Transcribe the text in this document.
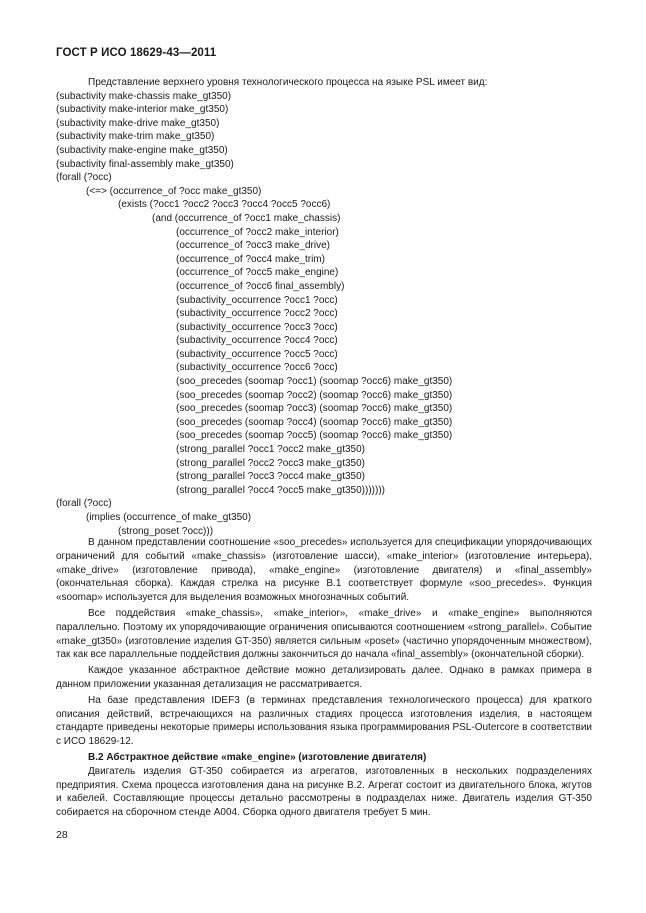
ГОСТ Р ИСО 18629-43—2011
Представление верхнего уровня технологического процесса на языке PSL имеет вид:
(subactivity make-chassis make_gt350)
(subactivity make-interior make_gt350)
(subactivity make-drive make_gt350)
(subactivity make-trim make_gt350)
(subactivity make-engine make_gt350)
(subactivity final-assembly make_gt350)
(forall (?occ)
(<=> (occurrence_of ?occ make_gt350)
(exists (?occ1 ?occ2 ?occ3 ?occ4 ?occ5 ?occ6)
(and (occurrence_of ?occ1 make_chassis)
(occurrence_of ?occ2 make_interior)
(occurrence_of ?occ3 make_drive)
(occurrence_of ?occ4 make_trim)
(occurrence_of ?occ5 make_engine)
(occurrence_of ?occ6 final_assembly)
(subactivity_occurrence ?occ1 ?occ)
(subactivity_occurrence ?occ2 ?occ)
(subactivity_occurrence ?occ3 ?occ)
(subactivity_occurrence ?occ4 ?occ)
(subactivity_occurrence ?occ5 ?occ)
(subactivity_occurrence ?occ6 ?occ)
(soo_precedes (soomap ?occ1) (soomap ?occ6) make_gt350)
(soo_precedes (soomap ?occ2) (soomap ?occ6) make_gt350)
(soo_precedes (soomap ?occ3) (soomap ?occ6) make_gt350)
(soo_precedes (soomap ?occ4) (soomap ?occ6) make_gt350)
(soo_precedes (soomap ?occ5) (soomap ?occ6) make_gt350)
(strong_parallel ?occ1 ?occ2 make_gt350)
(strong_parallel ?occ2 ?occ3 make_gt350)
(strong_parallel ?occ3 ?occ4 make_gt350)
(strong_parallel ?occ4 ?occ5 make_gt350)))))))
(forall (?occ)
(implies (occurrence_of make_gt350)
(strong_poset ?occ)))

В данном представлении соотношение «soo_precedes» используется для спецификации упорядочивающих ограничений для событий «make_chassis» (изготовление шасси), «make_interior» (изготовление интерьера), «make_drive» (изготовление привода), «make_engine» (изготовление двигателя) и «final_assembly» (окончательная сборка). Каждая стрелка на рисунке В.1 соответствует формуле «soo_precedes». Функция «soomap» используется для выделения возможных многозначных событий.

Все поддействия «make_chassis», «make_interior», «make_drive» и «make_engine» выполняются параллельно. Поэтому их упорядочивающие ограничения описываются соотношением «strong_parallel». Событие «make_gt350» (изготовление изделия GT-350) является сильным «poset» (частично упорядоченным множеством), так как все параллельные поддействия должны закончиться до начала «final_assembly» (окончательной сборки).

Каждое указанное абстрактное действие можно детализировать далее. Однако в рамках примера в данном приложении указанная детализация не рассматривается.

На базе представления IDEF3 (в терминах представления технологического процесса) для краткого описания действий, встречающихся на различных стадиях процесса изготовления изделия, в настоящем стандарте приведены некоторые примеры использования языка программирования PSL-Outercore в соответствии с ИСО 18629-12.

В.2 Абстрактное действие «make_engine» (изготовление двигателя)

Двигатель изделия GT-350 собирается из агрегатов, изготовленных в нескольких подразделениях предприятия. Схема процесса изготовления дана на рисунке В.2. Агрегат состоит из двигательного блока, жгутов и кабелей. Составляющие процессы детально рассмотрены в подразделах ниже. Двигатель изделия GT-350 собирается на сборочном стенде А004. Сборка одного двигателя требует 5 мин.

28
